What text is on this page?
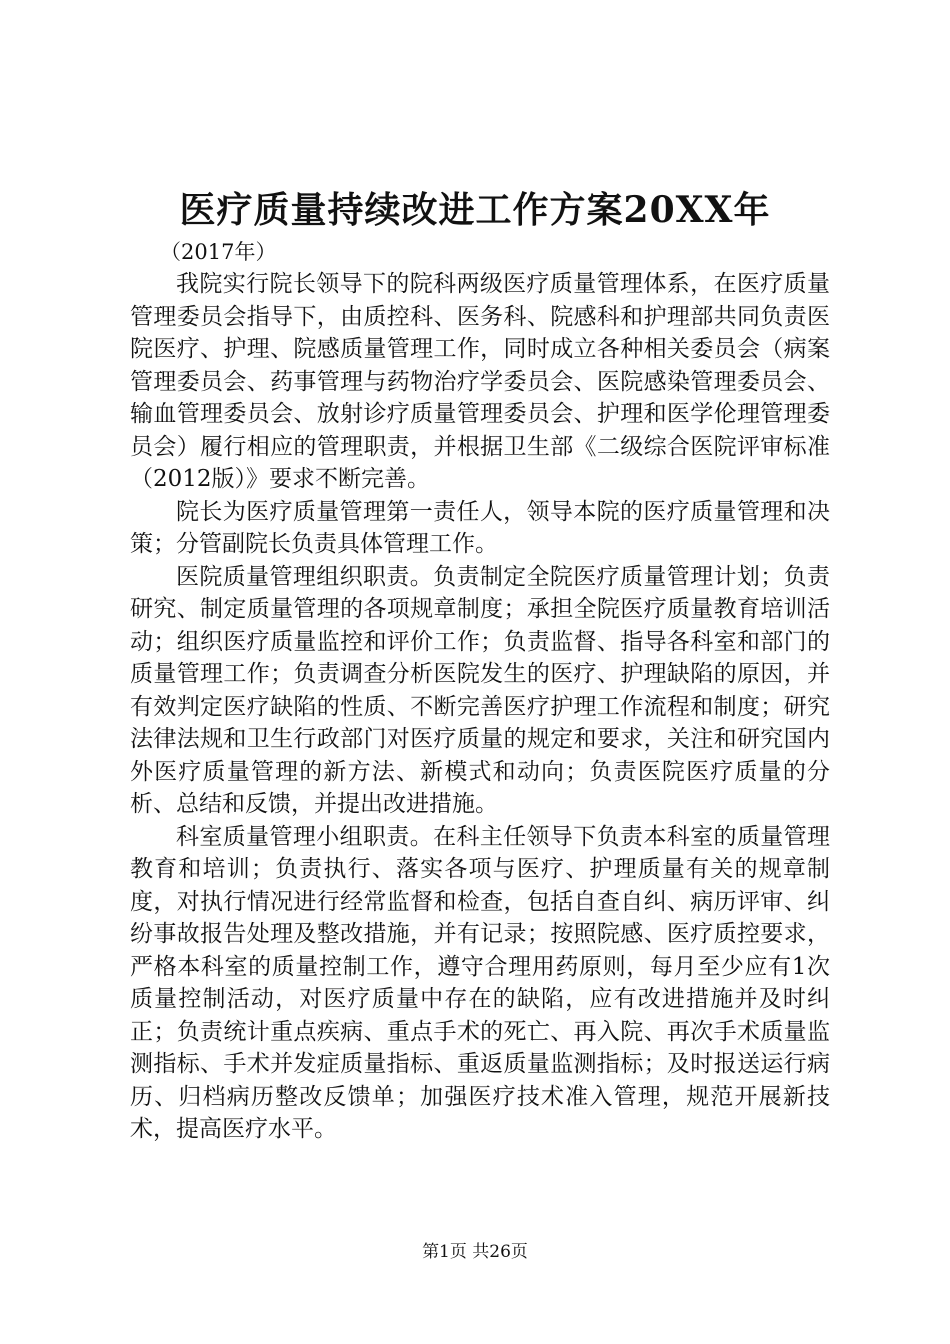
医疗质量持续改进工作方案20XX年
（2017年）

我院实行院长领导下的院科两级医疗质量管理体系，在医疗质量管理委员会指导下，由质控科、医务科、院感科和护理部共同负责医院医疗、护理、院感质量管理工作，同时成立各种相关委员会（病案管理委员会、药事管理与药物治疗学委员会、医院感染管理委员会、输血管理委员会、放射诊疗质量管理委员会、护理和医学伦理管理委员会）履行相应的管理职责，并根据卫生部《二级综合医院评审标准（2012版）》要求不断完善。

院长为医疗质量管理第一责任人，领导本院的医疗质量管理和决策；分管副院长负责具体管理工作。

医院质量管理组织职责。负责制定全院医疗质量管理计划；负责研究、制定质量管理的各项规章制度；承担全院医疗质量教育培训活动；组织医疗质量监控和评价工作；负责监督、指导各科室和部门的质量管理工作；负责调查分析医院发生的医疗、护理缺陷的原因，并有效判定医疗缺陷的性质、不断完善医疗护理工作流程和制度；研究法律法规和卫生行政部门对医疗质量的规定和要求，关注和研究国内外医疗质量管理的新方法、新模式和动向；负责医院医疗质量的分析、总结和反馈，并提出改进措施。

科室质量管理小组职责。在科主任领导下负责本科室的质量管理教育和培训；负责执行、落实各项与医疗、护理质量有关的规章制度，对执行情况进行经常监督和检查，包括自查自纠、病历评审、纠纷事故报告处理及整改措施，并有记录；按照院感、医疗质控要求，严格本科室的质量控制工作，遵守合理用药原则，每月至少应有1次质量控制活动，对医疗质量中存在的缺陷，应有改进措施并及时纠正；负责统计重点疾病、重点手术的死亡、再入院、再次手术质量监测指标、手术并发症质量指标、重返质量监测指标；及时报送运行病历、归档病历整改反馈单；加强医疗技术准入管理，规范开展新技术，提高医疗水平。

第1页 共26页
